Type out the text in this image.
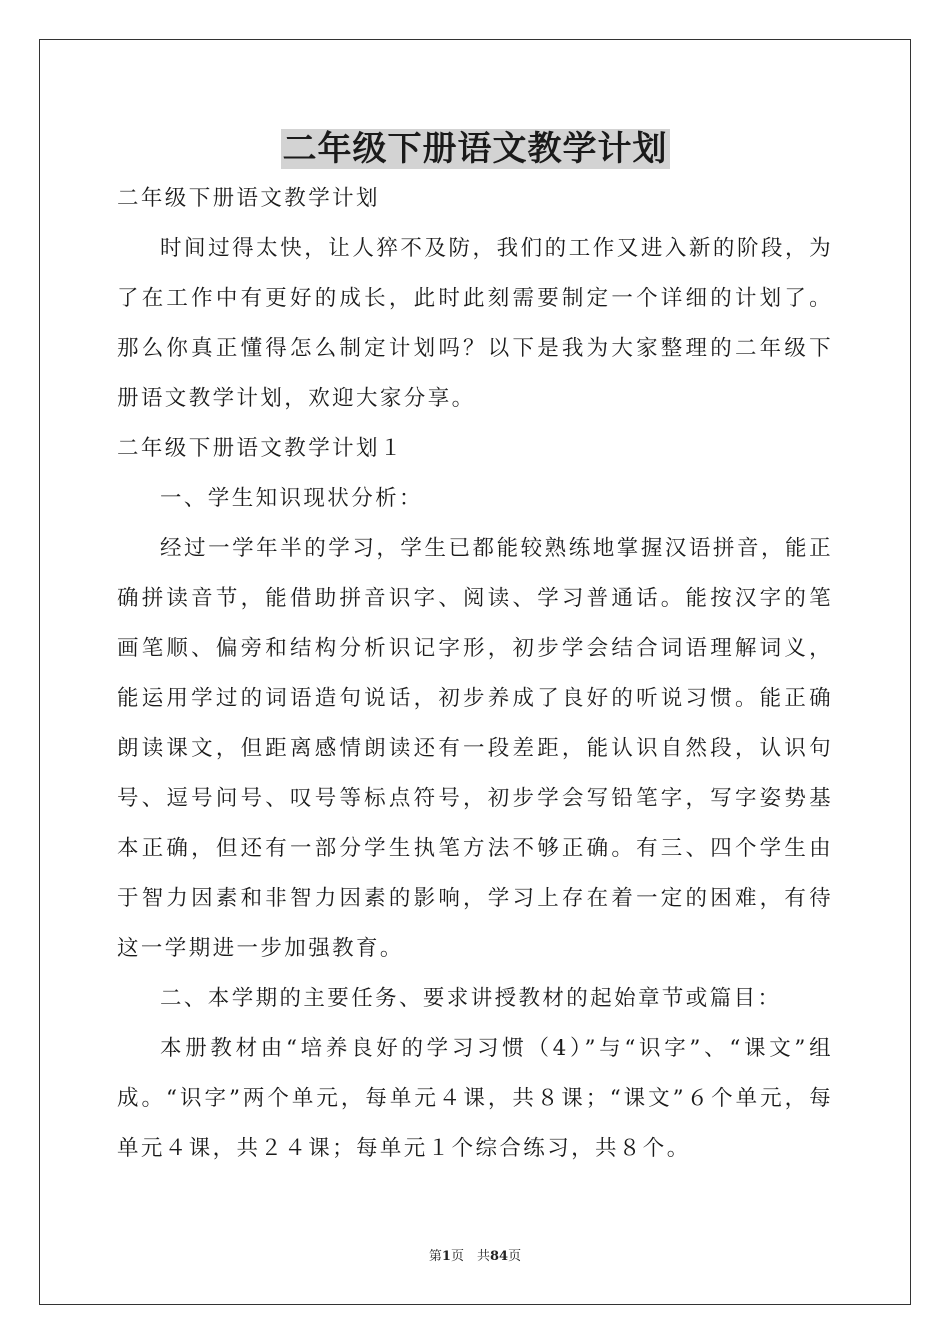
二年级下册语文教学计划

二年级下册语文教学计划

时间过得太快，让人猝不及防，我们的工作又进入新的阶段，为了在工作中有更好的成长，此时此刻需要制定一个详细的计划了。那么你真正懂得怎么制定计划吗？以下是我为大家整理的二年级下册语文教学计划，欢迎大家分享。

二年级下册语文教学计划１

一、学生知识现状分析：

经过一学年半的学习，学生已都能较熟练地掌握汉语拼音，能正确拼读音节，能借助拼音识字、阅读、学习普通话。能按汉字的笔画笔顺、偏旁和结构分析识记字形，初步学会结合词语理解词义，能运用学过的词语造句说话，初步养成了良好的听说习惯。能正确朗读课文，但距离感情朗读还有一段差距，能认识自然段，认识句号、逗号问号、叹号等标点符号，初步学会写铅笔字，写字姿势基本正确，但还有一部分学生执笔方法不够正确。有三、四个学生由于智力因素和非智力因素的影响，学习上存在着一定的困难，有待这一学期进一步加强教育。

二、本学期的主要任务、要求讲授教材的起始章节或篇目：

本册教材由“培养良好的学习习惯（4）”与“识字”、“课文”组成。“识字”两个单元，每单元４课，共８课；“课文”６个单元，每单元４课，共２４课；每单元１个综合练习，共８个。

第1页　共84页
